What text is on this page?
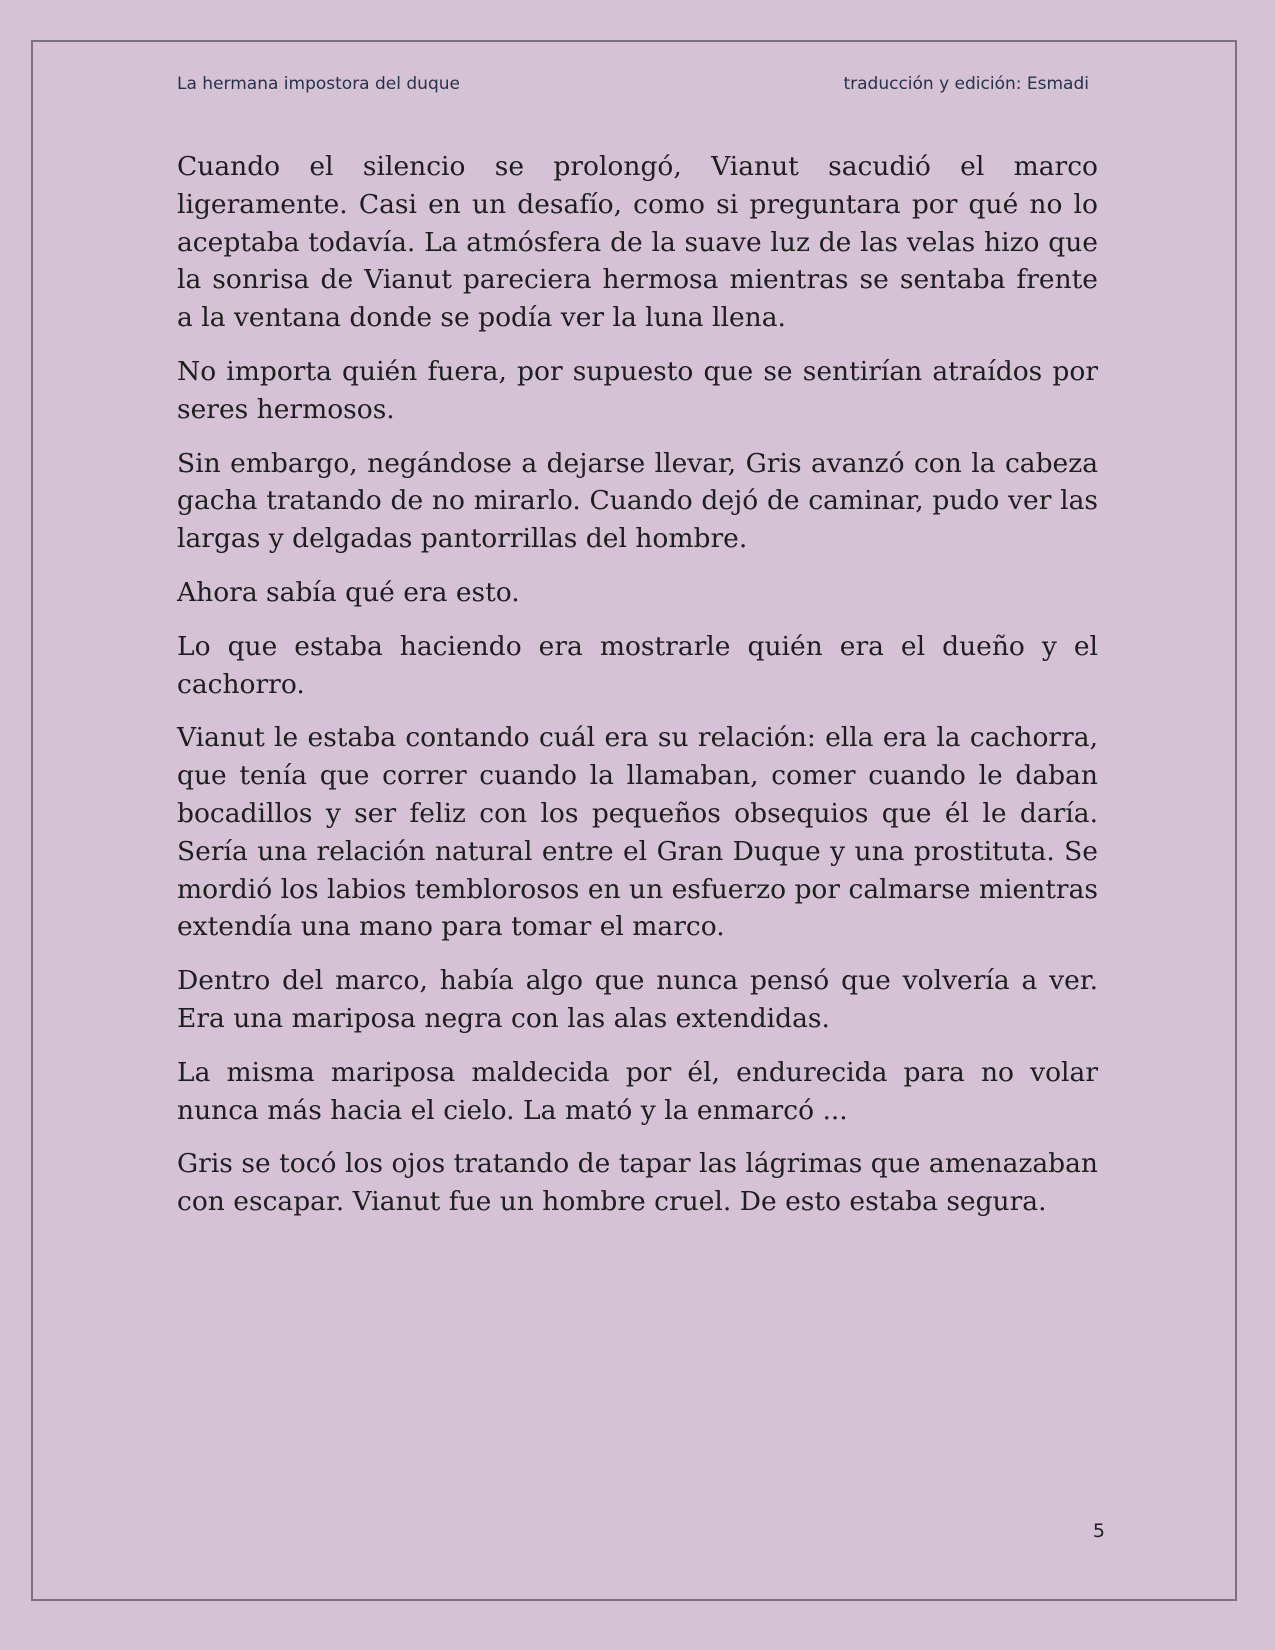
La hermana impostora del duque	traducción y edición: Esmadi

Cuando el silencio se prolongó, Vianut sacudió el marco ligeramente. Casi en un desafío, como si preguntara por qué no lo aceptaba todavía. La atmósfera de la suave luz de las velas hizo que la sonrisa de Vianut pareciera hermosa mientras se sentaba frente a la ventana donde se podía ver la luna llena.

No importa quién fuera, por supuesto que se sentirían atraídos por seres hermosos.

Sin embargo, negándose a dejarse llevar, Gris avanzó con la cabeza gacha tratando de no mirarlo. Cuando dejó de caminar, pudo ver las largas y delgadas pantorrillas del hombre.

Ahora sabía qué era esto.

Lo que estaba haciendo era mostrarle quién era el dueño y el cachorro.

Vianut le estaba contando cuál era su relación: ella era la cachorra, que tenía que correr cuando la llamaban, comer cuando le daban bocadillos y ser feliz con los pequeños obsequios que él le daría. Sería una relación natural entre el Gran Duque y una prostituta. Se mordió los labios temblorosos en un esfuerzo por calmarse mientras extendía una mano para tomar el marco.

Dentro del marco, había algo que nunca pensó que volvería a ver. Era una mariposa negra con las alas extendidas.

La misma mariposa maldecida por él, endurecida para no volar nunca más hacia el cielo. La mató y la enmarcó ...

Gris se tocó los ojos tratando de tapar las lágrimas que amenazaban con escapar. Vianut fue un hombre cruel. De esto estaba segura.

5
